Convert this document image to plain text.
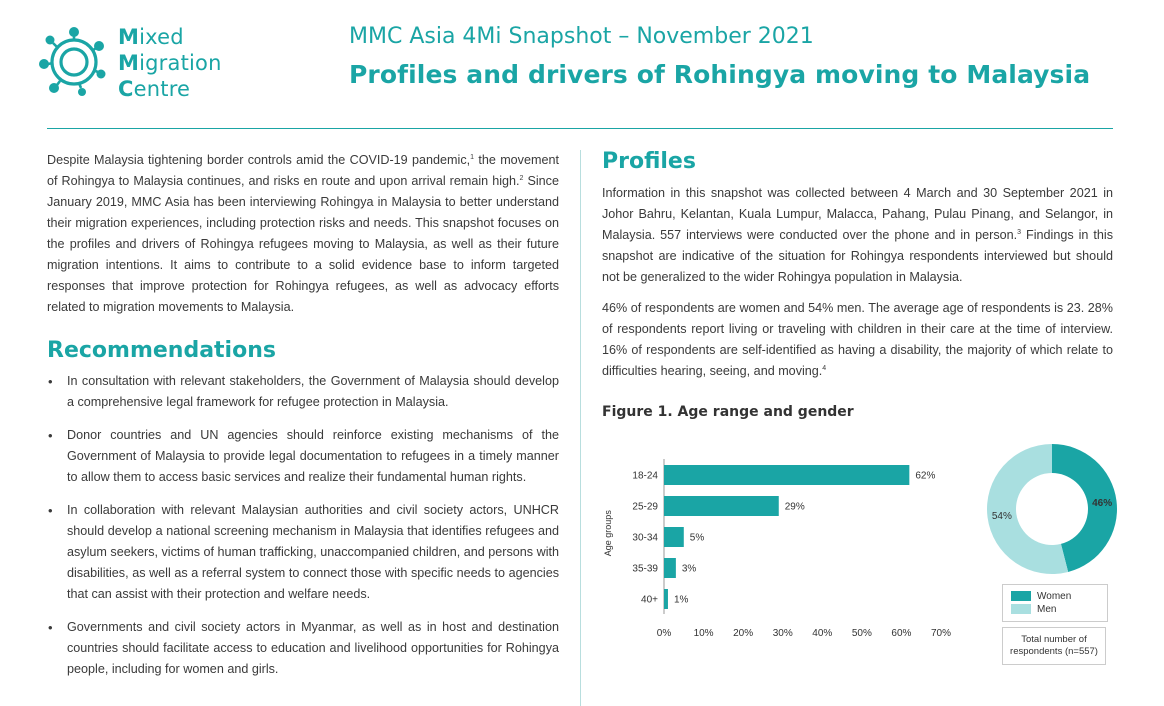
Mixed
Migration
Centre
MMC Asia 4Mi Snapshot – November 2021
Profiles and drivers of Rohingya moving to Malaysia

Despite Malaysia tightening border controls amid the COVID-19 pandemic,$^1$ the movement of Rohingya to Malaysia continues, and risks en route and upon arrival remain high.$^2$ Since January 2019, MMC Asia has been interviewing Rohingya in Malaysia to better understand their migration experiences, including protection risks and needs. This snapshot focuses on the profiles and drivers of Rohingya refugees moving to Malaysia, as well as their future migration intentions. It aims to contribute to a solid evidence base to inform targeted responses that improve protection for Rohingya refugees, as well as advocacy efforts related to migration movements to Malaysia.

Recommendations
• In consultation with relevant stakeholders, the Government of Malaysia should develop a comprehensive legal framework for refugee protection in Malaysia.
• Donor countries and UN agencies should reinforce existing mechanisms of the Government of Malaysia to provide legal documentation to refugees in a timely manner to allow them to access basic services and realize their fundamental human rights.
• In collaboration with relevant Malaysian authorities and civil society actors, UNHCR should develop a national screening mechanism in Malaysia that identifies refugees and asylum seekers, victims of human trafficking, unaccompanied children, and persons with disabilities, as well as a referral system to connect those with specific needs to agencies that can assist with their protection and welfare needs.
• Governments and civil society actors in Myanmar, as well as in host and destination countries should facilitate access to education and livelihood opportunities for Rohingya people, including for women and girls.
Profiles

Information in this snapshot was collected between 4 March and 30 September 2021 in Johor Bahru, Kelantan, Kuala Lumpur, Malacca, Pahang, Pulau Pinang, and Selangor, in Malaysia. 557 interviews were conducted over the phone and in person.$^3$ Findings in this snapshot are indicative of the situation for Rohingya respondents interviewed but should not be generalized to the wider Rohingya population in Malaysia.

46% of respondents are women and 54% men. The average age of respondents is 23. 28% of respondents report living or traveling with children in their care at the time of interview. 16% of respondents are self-identified as having a disability, the majority of which relate to difficulties hearing, seeing, and moving.$^4$

Figure 1. Age range and gender
18-24	62%
25-29	29%
30-34	5%
35-39 3%
40+ 1%
0% 10% 20% 30% 40% 50% 60% 70%
Age groups
46%
54%
Women
Men
Total number of
respondents (n=557)
